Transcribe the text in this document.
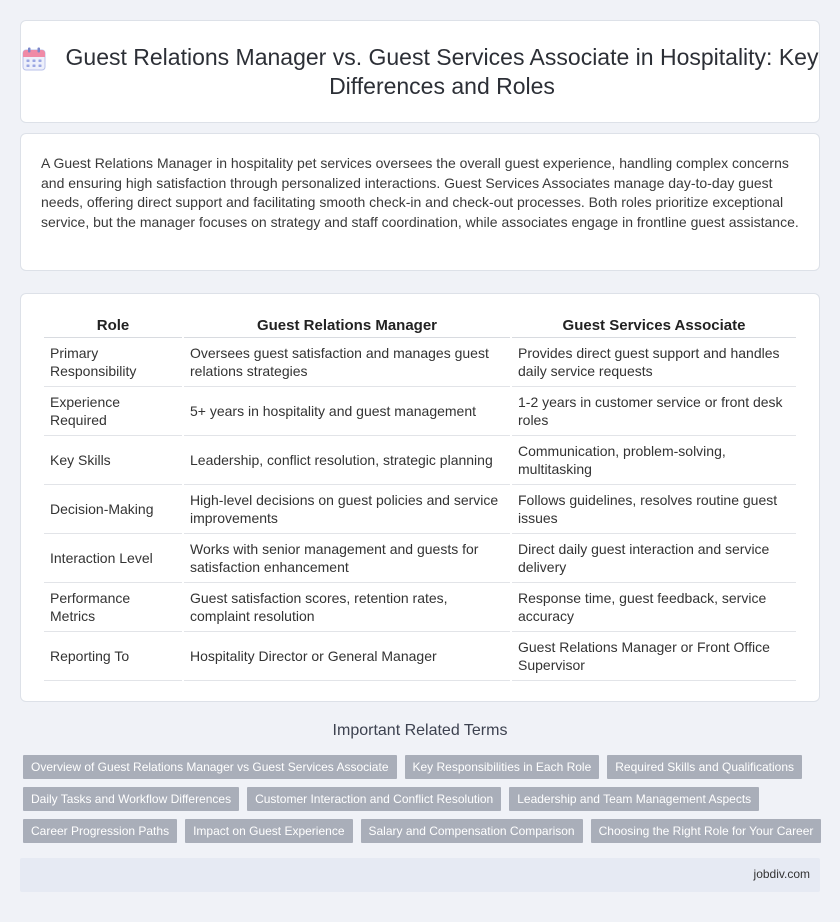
Guest Relations Manager vs. Guest Services Associate in Hospitality: Key Differences and Roles

A Guest Relations Manager in hospitality pet services oversees the overall guest experience, handling complex concerns and ensuring high satisfaction through personalized interactions. Guest Services Associates manage day-to-day guest needs, offering direct support and facilitating smooth check-in and check-out processes. Both roles prioritize exceptional service, but the manager focuses on strategy and staff coordination, while associates engage in frontline guest assistance.

Role	Guest Relations Manager	Guest Services Associate
Primary Responsibility	Oversees guest satisfaction and manages guest relations strategies	Provides direct guest support and handles daily service requests
Experience Required	5+ years in hospitality and guest management	1-2 years in customer service or front desk roles
Key Skills	Leadership, conflict resolution, strategic planning	Communication, problem-solving, multitasking
Decision-Making	High-level decisions on guest policies and service improvements	Follows guidelines, resolves routine guest issues
Interaction Level	Works with senior management and guests for satisfaction enhancement	Direct daily guest interaction and service delivery
Performance Metrics	Guest satisfaction scores, retention rates, complaint resolution	Response time, guest feedback, service accuracy
Reporting To	Hospitality Director or General Manager	Guest Relations Manager or Front Office Supervisor
Important Related Terms
Overview of Guest Relations Manager vs Guest Services Associate	Key Responsibilities in Each Role	Required Skills and Qualifications
Daily Tasks and Workflow Differences	Customer Interaction and Conflict Resolution	Leadership and Team Management Aspects
Career Progression Paths	Impact on Guest Experience	Salary and Compensation Comparison	Choosing the Right Role for Your Career
jobdiv.com
